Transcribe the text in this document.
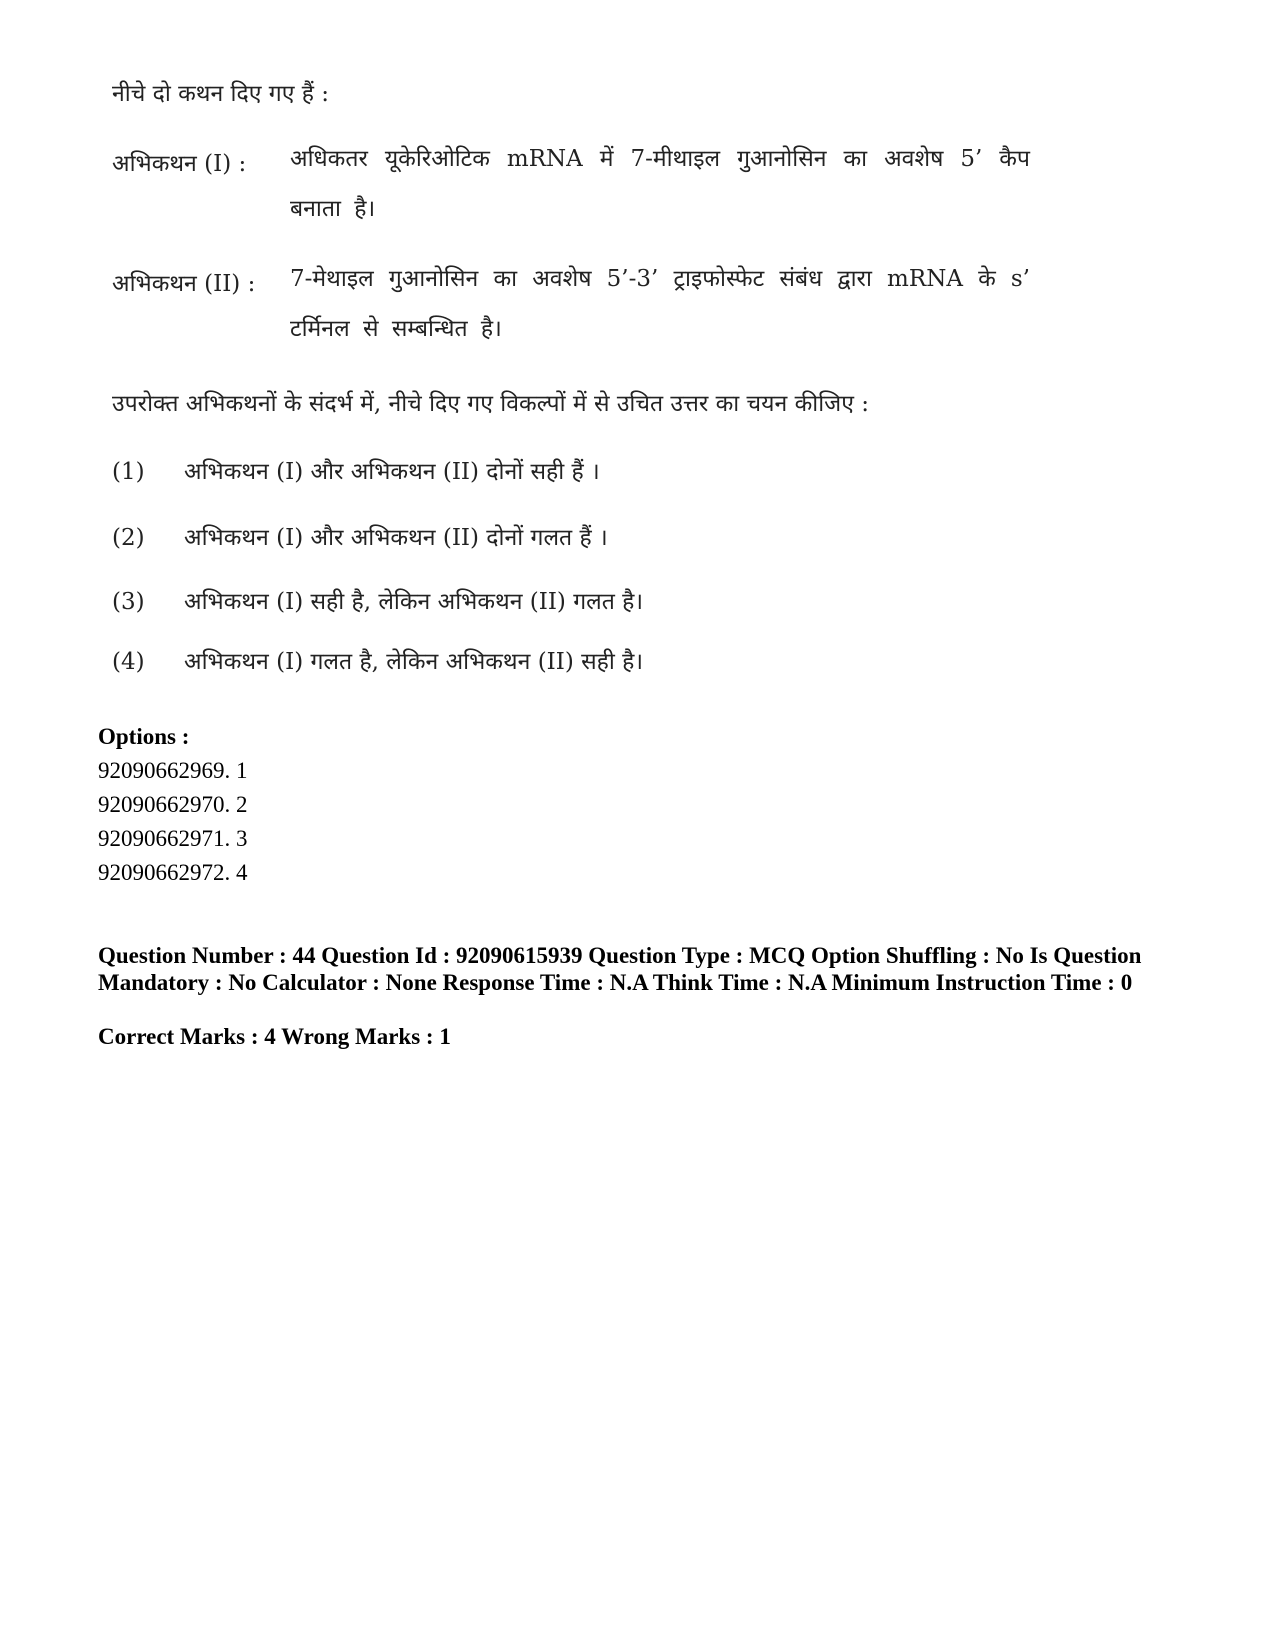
नीचे दो कथन दिए गए हैं :
अभिकथन (I) : अधिकतर यूकेरिओटिक mRNA में 7-मीथाइल गुआनोसिन का अवशेष 5’ कैप
बनाता है।
अभिकथन (II) : 7-मेथाइल गुआनोसिन का अवशेष 5’-3’ ट्राइफोस्फेट संबंध द्वारा mRNA के s’
टर्मिनल से सम्बन्धित है।
उपरोक्त अभिकथनों के संदर्भ में, नीचे दिए गए विकल्पों में से उचित उत्तर का चयन कीजिए :
(1) अभिकथन (I) और अभिकथन (II) दोनों सही हैं ।
(2) अभिकथन (I) और अभिकथन (II) दोनों गलत हैं ।
(3) अभिकथन (I) सही है, लेकिन अभिकथन (II) गलत है।
(4) अभिकथन (I) गलत है, लेकिन अभिकथन (II) सही है।
Options :
92090662969. 1
92090662970. 2
92090662971. 3
92090662972. 4
Question Number : 44 Question Id : 92090615939 Question Type : MCQ Option Shuffling : No Is Question Mandatory : No Calculator : None Response Time : N.A Think Time : N.A Minimum Instruction Time : 0
Correct Marks : 4 Wrong Marks : 1
